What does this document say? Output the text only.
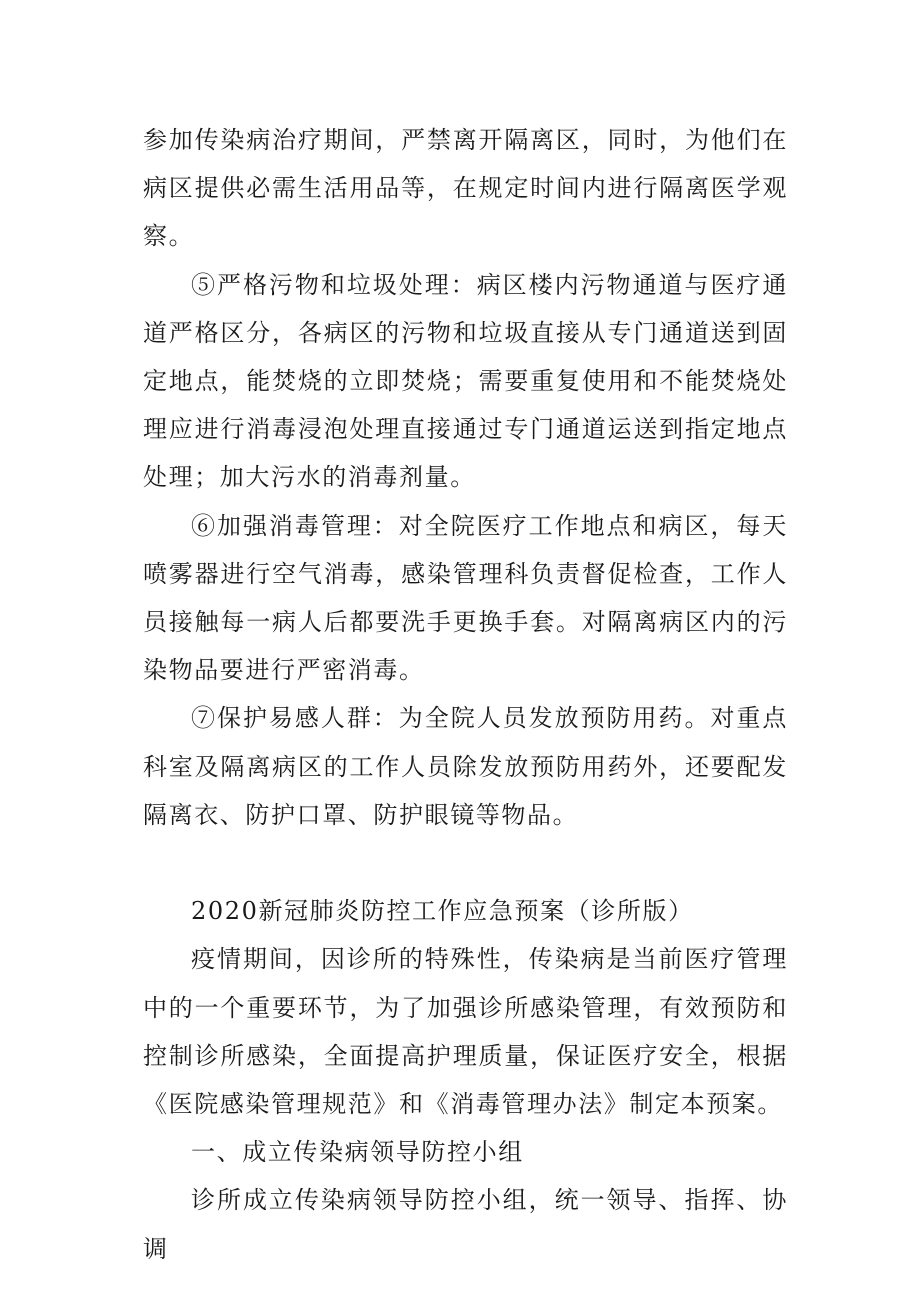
参加传染病治疗期间，严禁离开隔离区，同时，为他们在病区提供必需生活用品等，在规定时间内进行隔离医学观察。

⑤严格污物和垃圾处理：病区楼内污物通道与医疗通道严格区分，各病区的污物和垃圾直接从专门通道送到固定地点，能焚烧的立即焚烧；需要重复使用和不能焚烧处理应进行消毒浸泡处理直接通过专门通道运送到指定地点处理；加大污水的消毒剂量。

⑥加强消毒管理：对全院医疗工作地点和病区，每天喷雾器进行空气消毒，感染管理科负责督促检查，工作人员接触每一病人后都要洗手更换手套。对隔离病区内的污染物品要进行严密消毒。

⑦保护易感人群：为全院人员发放预防用药。对重点科室及隔离病区的工作人员除发放预防用药外，还要配发隔离衣、防护口罩、防护眼镜等物品。

2020新冠肺炎防控工作应急预案（诊所版）

疫情期间，因诊所的特殊性，传染病是当前医疗管理中的一个重要环节，为了加强诊所感染管理，有效预防和控制诊所感染，全面提高护理质量，保证医疗安全，根据《医院感染管理规范》和《消毒管理办法》制定本预案。

一、成立传染病领导防控小组

诊所成立传染病领导防控小组，统一领导、指挥、协调
